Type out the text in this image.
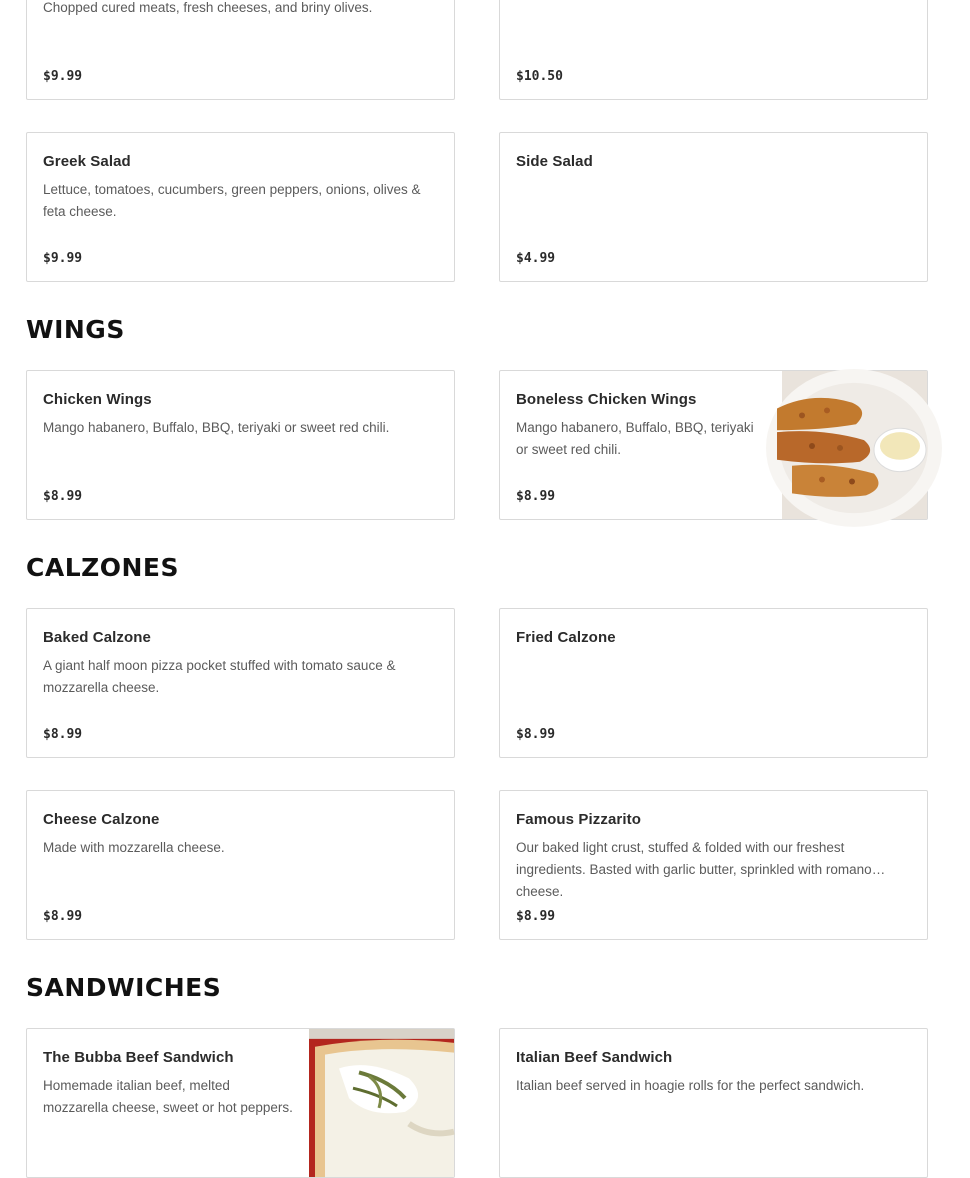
Chopped cured meats, fresh cheeses, and briny olives.
$9.99	$10.50
Greek Salad
Lettuce, tomatoes, cucumbers, green peppers, onions, olives & feta cheese.
$9.99
Side Salad
$4.99
WINGS
Chicken Wings
Mango habanero, Buffalo, BBQ, teriyaki or sweet red chili.
$8.99
Boneless Chicken Wings
Mango habanero, Buffalo, BBQ, teriyaki or sweet red chili.
$8.99
CALZONES
Baked Calzone
A giant half moon pizza pocket stuffed with tomato sauce & mozzarella cheese.
$8.99
Fried Calzone
$8.99
Cheese Calzone
Made with mozzarella cheese.
$8.99
Famous Pizzarito
Our baked light crust, stuffed & folded with our freshest ingredients. Basted with garlic butter, sprinkled with romano cheese.
$8.99
SANDWICHES
The Bubba Beef Sandwich
Homemade italian beef, melted mozzarella cheese, sweet or hot peppers.
Italian Beef Sandwich
Italian beef served in hoagie rolls for the perfect sandwich.
